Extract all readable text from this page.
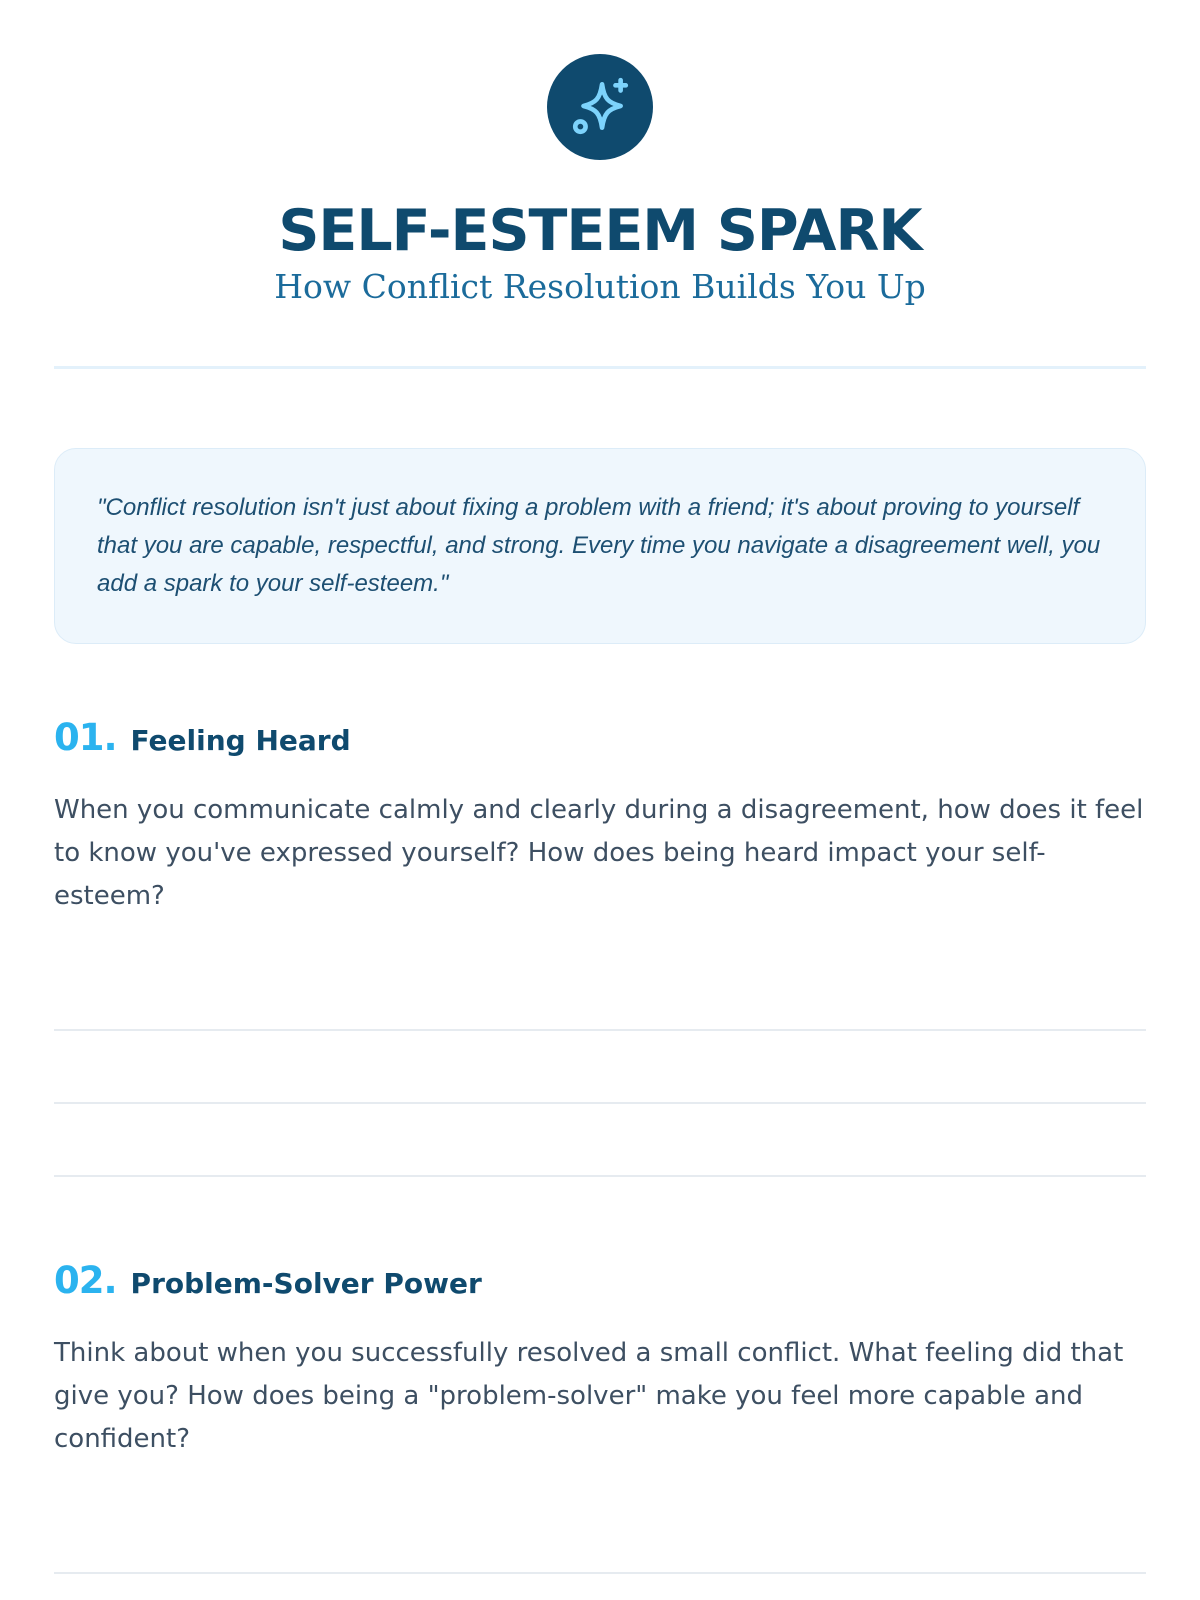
SELF-ESTEEM SPARK
How Conflict Resolution Builds You Up

"Conflict resolution isn't just about fixing a problem with a friend; it's about proving to yourself that you are capable, respectful, and strong. Every time you navigate a disagreement well, you add a spark to your self-esteem."

01. Feeling Heard

When you communicate calmly and clearly during a disagreement, how does it feel to know you've expressed yourself? How does being heard impact your self-esteem?

02. Problem-Solver Power

Think about when you successfully resolved a small conflict. What feeling did that give you? How does being a "problem-solver" make you feel more capable and confident?
